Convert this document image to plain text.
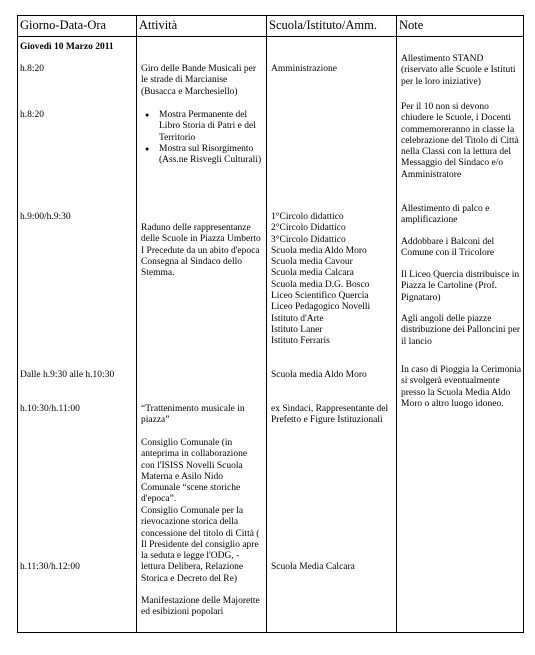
Giorno-Data-Ora	Attività	Scuola/Istituto/Amm. Note
Giovedì 10 Marzo 2011
h.8:20
h.8:20
h.9:00/h.9:30
Dalle h.9:30 alle h.10:30
h.10:30/h.11:00
h.11:30/h.12:00
Giro delle Bande Musicali per le strade di Marcianise (Busacca e Marchesiello)
● Mostra Permanente del Libro Storia di Patri e del Territorio
● Mostra sul Risorgimento (Ass.ne Risvegli Culturali)
Raduno delle rappresentanze delle Scuole in Piazza Umberto I Precedute da un abito d'epoca Consegna al Sindaco dello Stemma.
“Trattenimento musicale in piazza”
Consiglio Comunale (in anteprima in collaborazione con l'ISISS Novelli Scuola Materna e Asilo Nido Comunale “scene storiche d'epoca”.
Consiglio Comunale per la rievocazione storica della concessione del titolo di Città ( Il Presidente del consiglio apre la seduta e legge l'ODG, - lettura Delibera, Relazione Storica e Decreto del Re)
Manifestazione delle Majorette ed esibizioni popolari
Amministrazione

1°Circolo didattico

2°Circolo Didattico

3°Circolo Didattico

Scuola media Aldo Moro

Scuola media Cavour

Scuola media Calcara

Scuola media D.G. Bosco

Liceo Scientifico Quercia

Liceo Pedagogico Novelli

Istituto d'Arte

Istituto Laner

Istituto Ferraris

Scuola media Aldo Moro
ex Sindaci, Rappresentante del Prefetto e Figure Istituzionali
Scuola Media Calcara
Allestimento STAND (riservato alle Scuole e Istituti per le loro iniziative)
Per il 10 non si devono chiudere le Scuole, i Docenti commemoreranno in classe la celebrazione del Titolo di Città nella Classi con la lettura del Messaggio del Sindaco e/o Amministratore
Allestimento di palco e amplificazione
Addobbare i Balconi del Comune con il Tricolore
Il Liceo Quercia distribuisce in Piazza le Cartoline (Prof. Pignataro)
Agli angoli delle piazze distribuzione dei Palloncini per il lancio
In caso di Pioggia la Cerimonia si svolgerà eventualmente presso la Scuola Media Aldo Moro o altro luogo idoneo.
